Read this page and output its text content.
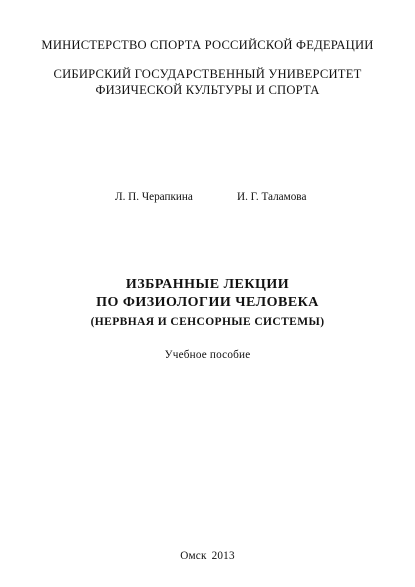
МИНИСТЕРСТВО СПОРТА РОССИЙСКОЙ ФЕДЕРАЦИИ
СИБИРСКИЙ ГОСУДАРСТВЕННЫЙ УНИВЕРСИТЕТ
ФИЗИЧЕСКОЙ КУЛЬТУРЫ И СПОРТА
Л. П. Черапкина	И. Г. Таламова
ИЗБРАННЫЕ ЛЕКЦИИ
ПО ФИЗИОЛОГИИ ЧЕЛОВЕКА
(НЕРВНАЯ И СЕНСОРНЫЕ СИСТЕМЫ)
Учебное пособие
Омск 2013
